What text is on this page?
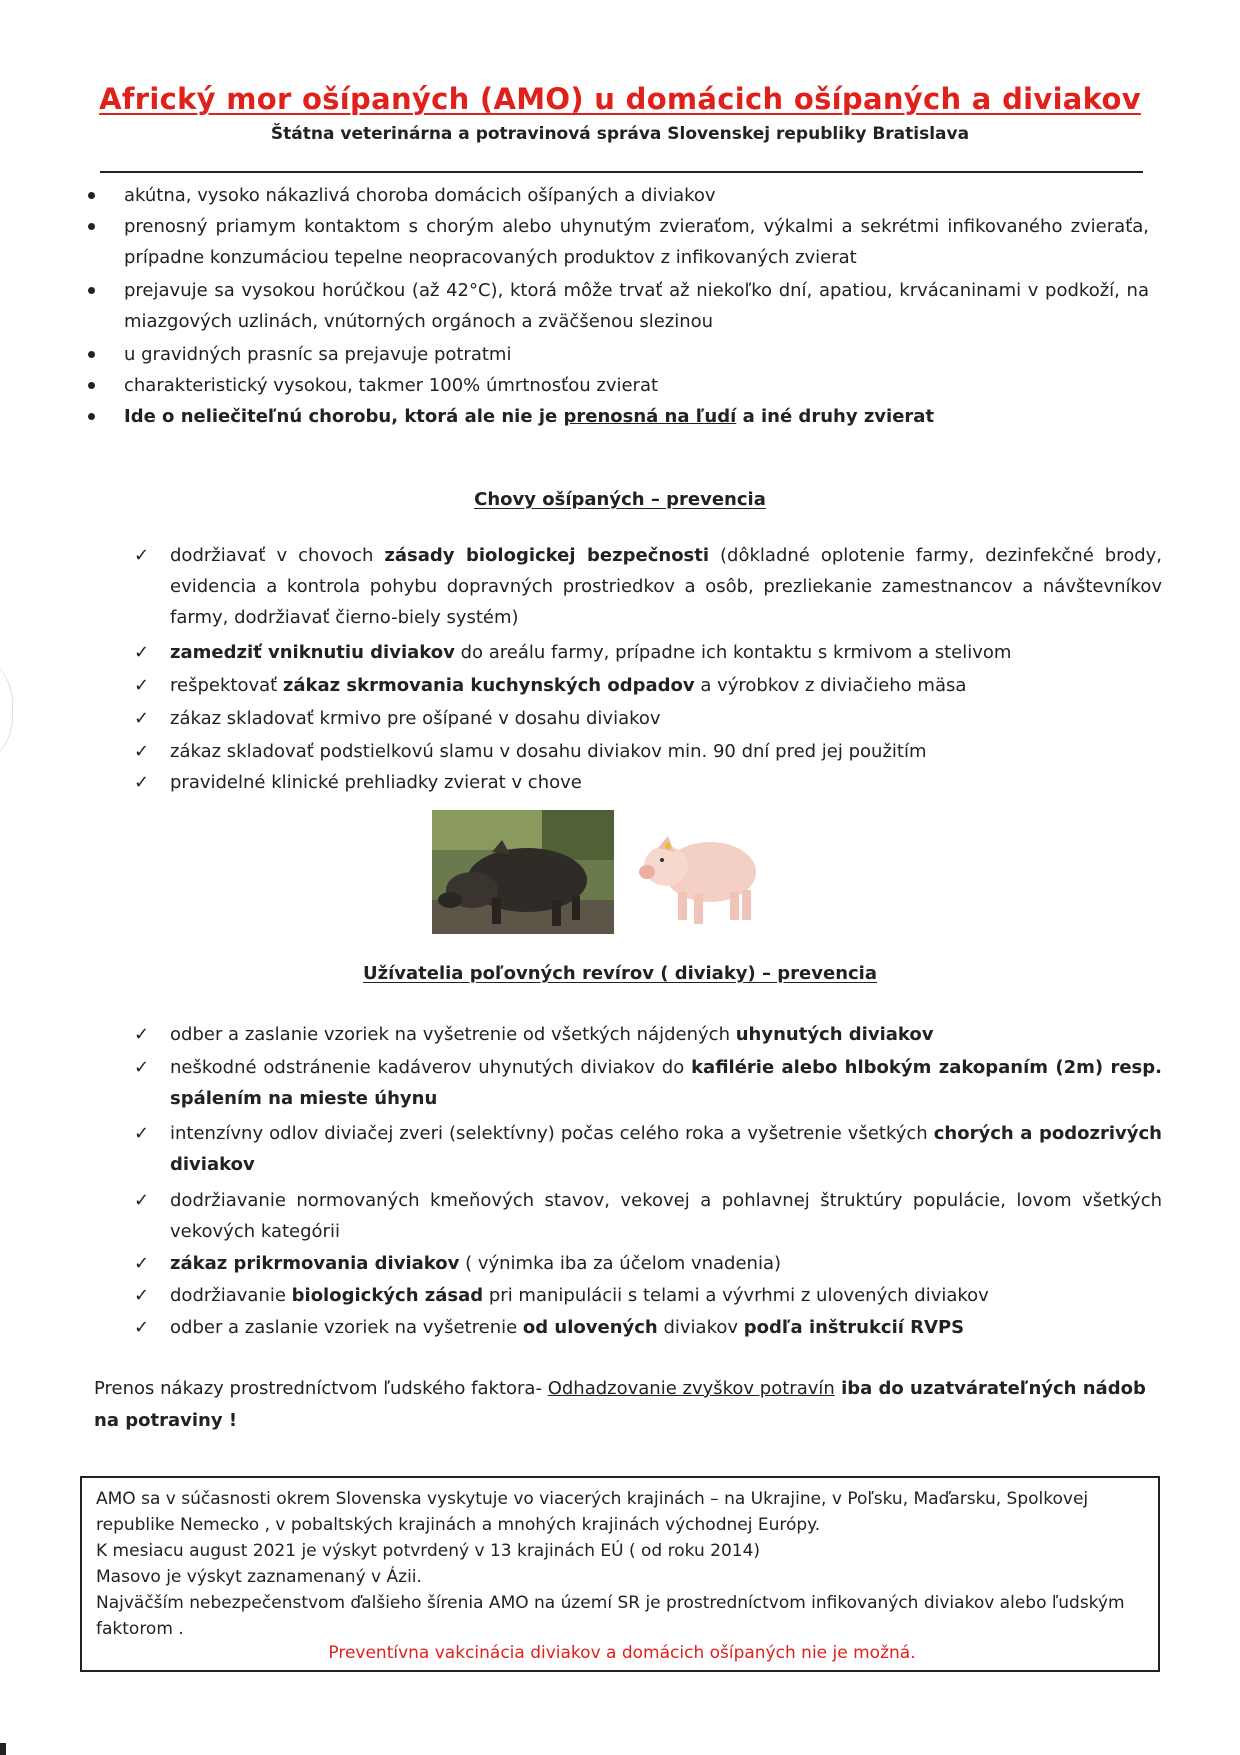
Africký mor ošípaných (AMO) u domácich ošípaných a diviakov
Štátna veterinárna a potravinová správa Slovenskej republiky Bratislava
akútna, vysoko nákazlivá choroba domácich ošípaných a diviakov
prenosný priamym kontaktom s chorým alebo uhynutým zvieraťom, výkalmi a sekrétmi infikovaného zvieraťa, prípadne konzumáciou tepelne neopracovaných produktov z infikovaných zvierat
prejavuje sa vysokou horúčkou (až 42°C), ktorá môže trvať až niekoľko dní, apatiou, krvácaninami v podkoží, na miazgových uzlinách, vnútorných orgánoch a zväčšenou slezinou
u gravidných prasníc sa prejavuje potratmi
charakteristický vysokou, takmer 100% úmrtnosťou zvierat
Ide o neliečiteľnú chorobu, ktorá ale nie je prenosná na ľudí a iné druhy zvierat
Chovy ošípaných – prevencia
✓ dodržiavať v chovoch zásady biologickej bezpečnosti (dôkladné oplotenie farmy, dezinfekčné brody, evidencia a kontrola pohybu dopravných prostriedkov a osôb, prezliekanie zamestnancov a návštevníkov farmy, dodržiavať čierno-biely systém)
✓ zamedziť vniknutiu diviakov do areálu farmy, prípadne ich kontaktu s krmivom a stelivom
✓ rešpektovať zákaz skrmovania kuchynských odpadov a výrobkov z diviačieho mäsa
✓ zákaz skladovať krmivo pre ošípané v dosahu diviakov
✓ zákaz skladovať podstielkovú slamu v dosahu diviakov min. 90 dní pred jej použitím
✓ pravidelné klinické prehliadky zvierat v chove
Užívatelia poľovných revírov ( diviaky) – prevencia
✓ odber a zaslanie vzoriek na vyšetrenie od všetkých nájdených uhynutých diviakov
✓ neškodné odstránenie kadáverov uhynutých diviakov do kafilérie alebo hlbokým zakopaním (2m) resp. spálením na mieste úhynu
✓ intenzívny odlov diviačej zveri (selektívny) počas celého roka a vyšetrenie všetkých chorých a podozrivých diviakov
✓ dodržiavanie normovaných kmeňových stavov, vekovej a pohlavnej štruktúry populácie, lovom všetkých vekových kategórii
✓ zákaz prikrmovania diviakov ( výnimka iba za účelom vnadenia)
✓ dodržiavanie biologických zásad pri manipulácii s telami a vývrhmi z ulovených diviakov
✓ odber a zaslanie vzoriek na vyšetrenie od ulovených diviakov podľa inštrukcií RVPS
Prenos nákazy prostredníctvom ľudského faktora- Odhadzovanie zvyškov potravín iba do uzatvárateľných nádob na potraviny !

AMO sa v súčasnosti okrem Slovenska vyskytuje vo viacerých krajinách – na Ukrajine, v Poľsku, Maďarsku, Spolkovej republike Nemecko , v pobaltských krajinách a mnohých krajinách východnej Európy.

K mesiacu august 2021 je výskyt potvrdený v 13 krajinách EÚ ( od roku 2014)

Masovo je výskyt zaznamenaný v Ázii.

Najväčším nebezpečenstvom ďalšieho šírenia AMO na území SR je prostredníctvom infikovaných diviakov alebo ľudským faktorom .

Preventívna vakcinácia diviakov a domácich ošípaných nie je možná.
